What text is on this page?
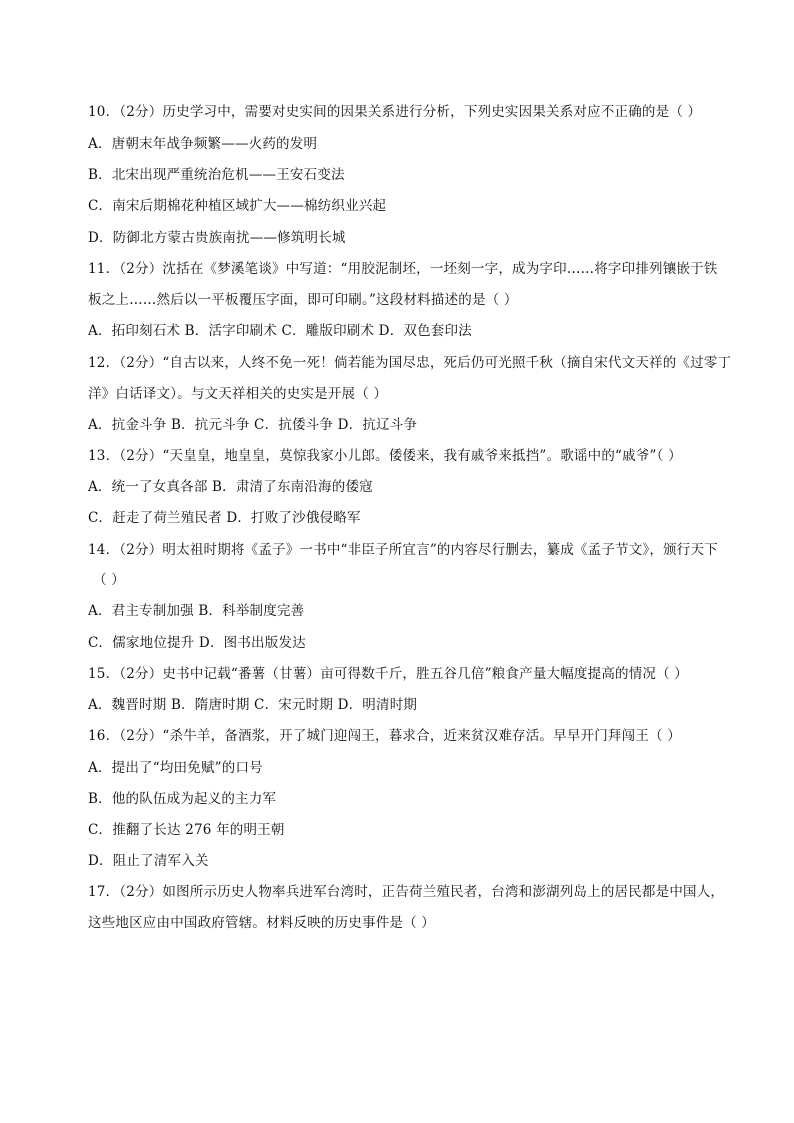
10．（2分）历史学习中，需要对史实间的因果关系进行分析，下列史实因果关系对应不正确的是（ ）
A．唐朝末年战争频繁——火药的发明
B．北宋出现严重统治危机——王安石变法
C．南宋后期棉花种植区域扩大——棉纺织业兴起
D．防御北方蒙古贵族南扰——修筑明长城
11．（2分）沈括在《梦溪笔谈》中写道：“用胶泥制坯，一坯刻一字，成为字印……将字印排列镶嵌于铁
板之上……然后以一平板覆压字面，即可印刷。”这段材料描述的是（ ）
A．拓印刻石术 B．活字印刷术 C．雕版印刷术 D．双色套印法
12．（2分）“自古以来，人终不免一死！倘若能为国尽忠，死后仍可光照千秋（摘自宋代文天祥的《过零丁
洋》白话译文）。与文天祥相关的史实是开展（ ）
A．抗金斗争 B．抗元斗争 C．抗倭斗争 D．抗辽斗争
13．（2分）“天皇皇，地皇皇，莫惊我家小儿郎。倭倭来，我有戚爷来抵挡”。歌谣中的“戚爷”（ ）
A．统一了女真各部 B．肃清了东南沿海的倭寇
C．赶走了荷兰殖民者 D．打败了沙俄侵略军
14．（2分）明太祖时期将《孟子》一书中“非臣子所宜言”的内容尽行删去，纂成《孟子节文》，颁行天下
（ ）
A．君主专制加强 B．科举制度完善
C．儒家地位提升 D．图书出版发达
15．（2分）史书中记载“番薯（甘薯）亩可得数千斤，胜五谷几倍”粮食产量大幅度提高的情况（ ）
A．魏晋时期 B．隋唐时期 C．宋元时期 D．明清时期
16．（2分）“杀牛羊，备酒浆，开了城门迎闯王，暮求合，近来贫汉难存活。早早开门拜闯王（ ）
A．提出了“均田免赋”的口号
B．他的队伍成为起义的主力军
C．推翻了长达 276 年的明王朝
D．阻止了清军入关
17．（2分）如图所示历史人物率兵进军台湾时，正告荷兰殖民者，台湾和澎湖列岛上的居民都是中国人，
这些地区应由中国政府管辖。材料反映的历史事件是（ ）
